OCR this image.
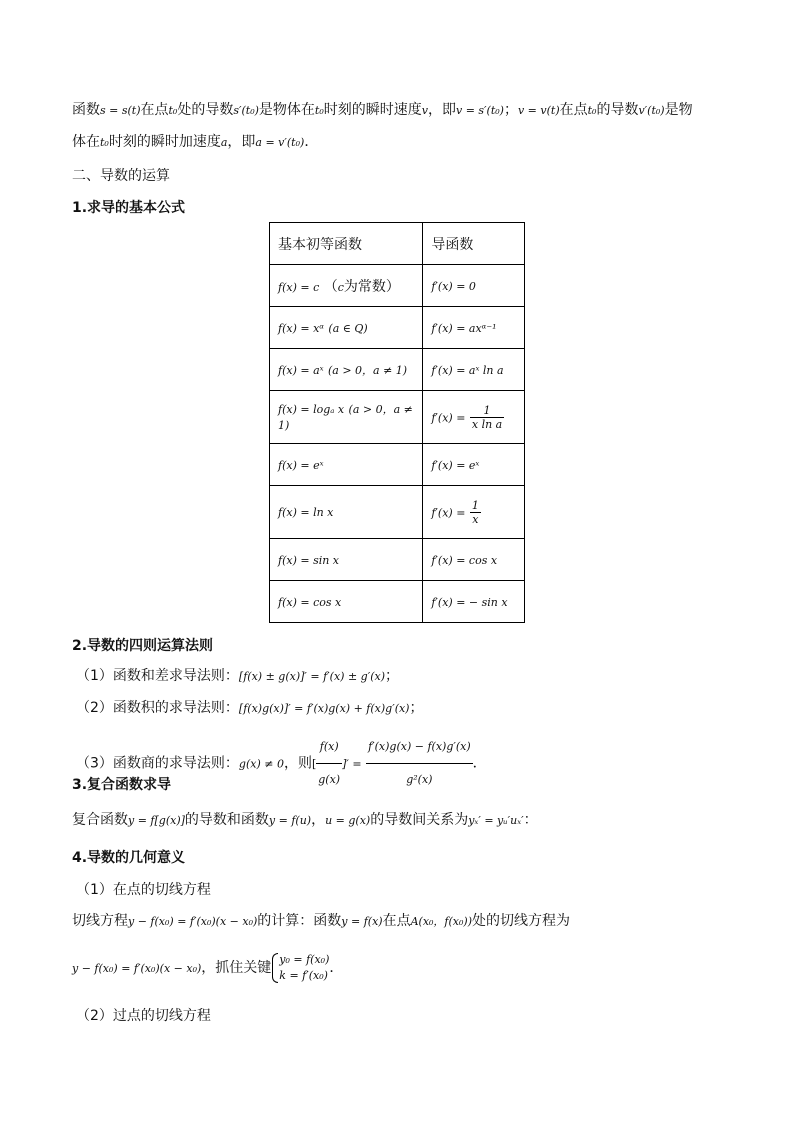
函数s = s(t)在点t₀处的导数s′(t₀)是物体在t₀时刻的瞬时速度v，即v = s′(t₀)；v = v(t)在点t₀的导数v′(t₀)是物
体在t₀时刻的瞬时加速度a，即a = v′(t₀)．
二、导数的运算
1.求导的基本公式
基本初等函数	导函数
f(x) = c （c为常数）	f′(x) = 0
f(x) = xᵅ (a ∈ Q)	f′(x) = axᵅ⁻¹
f(x) = aˣ (a > 0，a ≠ 1)	f′(x) = aˣ ln a
f(x) = logₐ x (a > 0，a ≠ 1)	$f'(x) = \frac{1}{\text{x ln a}}$

f(x) = eˣ	f′(x) = eˣ
f(x) = ln x	$f'(x) = \frac{1}{x}$

f(x) = sin x	f′(x) = cos x
f(x) = cos x	f′(x) = − sin x
2.导数的四则运算法则
（1）函数和差求导法则：[f(x) ± g(x)]′ = f′(x) ± g′(x)；
（2）函数积的求导法则：[f(x)g(x)]′ = f′(x)g(x) + f(x)g′(x)；
（3）函数商的求导法则：g(x) ≠ 0，则[ $\frac{f(x)}{g(x)}$ ]′ = $\frac{f'(x)g(x) - f(x)g'(x)}{\text{g²(x)}}$ ．
3.复合函数求导
复合函数y = f[g(x)]的导数和函数y = f(u)，u = g(x)的导数间关系为yₓ′ = yᵤ′uₓ′：
4.导数的几何意义
（1）在点的切线方程
切线方程y − f(x₀) = f′(x₀)(x − x₀)的计算：函数y = f(x)在点A(x₀，f(x₀))处的切线方程为
y − f(x₀) = f′(x₀)(x − x₀)，抓住关键
y₀ = f(x₀)
k = f′(x₀) ．
（2）过点的切线方程
